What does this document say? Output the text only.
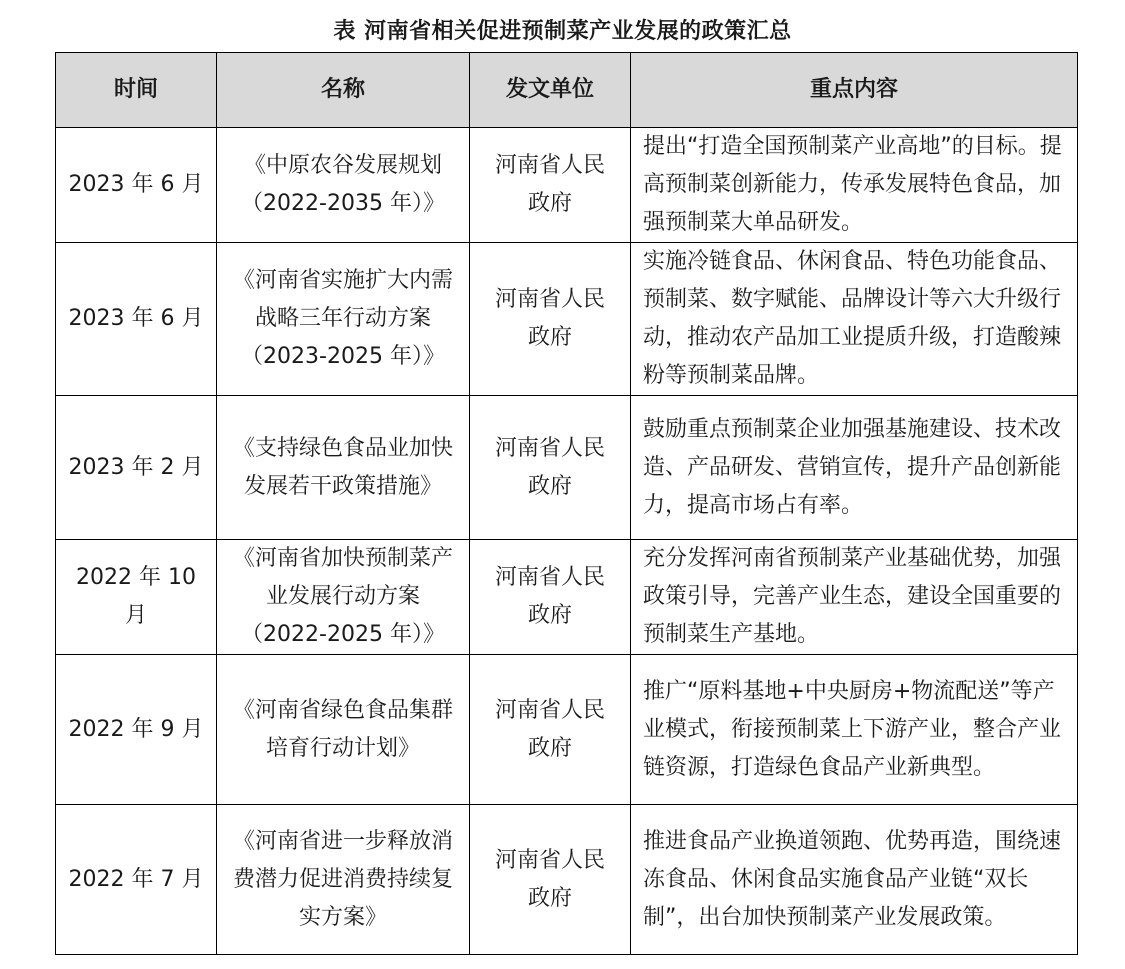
表 河南省相关促进预制菜产业发展的政策汇总
时间	名称	发文单位	重点内容
2023 年 6 月	《中原农谷发展规划（2022-2035 年）》	河南省人民政府	提出“打造全国预制菜产业高地”的目标。提高预制菜创新能力，传承发展特色食品，加强预制菜大单品研发。
2023 年 6 月	《河南省实施扩大内需战略三年行动方案（2023-2025 年）》	河南省人民政府	实施冷链食品、休闲食品、特色功能食品、预制菜、数字赋能、品牌设计等六大升级行动，推动农产品加工业提质升级，打造酸辣粉等预制菜品牌。
2023 年 2 月	《支持绿色食品业加快发展若干政策措施》	河南省人民政府	鼓励重点预制菜企业加强基施建设、技术改造、产品研发、营销宣传，提升产品创新能力，提高市场占有率。
2022 年 10 月	《河南省加快预制菜产业发展行动方案（2022-2025 年）》	河南省人民政府	充分发挥河南省预制菜产业基础优势，加强政策引导，完善产业生态，建设全国重要的预制菜生产基地。
2022 年 9 月	《河南省绿色食品集群培育行动计划》	河南省人民政府	推广“原料基地+中央厨房+物流配送”等产业模式，衔接预制菜上下游产业，整合产业链资源，打造绿色食品产业新典型。
2022 年 7 月	《河南省进一步释放消费潜力促进消费持续复实方案》	河南省人民政府	推进食品产业换道领跑、优势再造，围绕速冻食品、休闲食品实施食品产业链“双长制”，出台加快预制菜产业发展政策。
